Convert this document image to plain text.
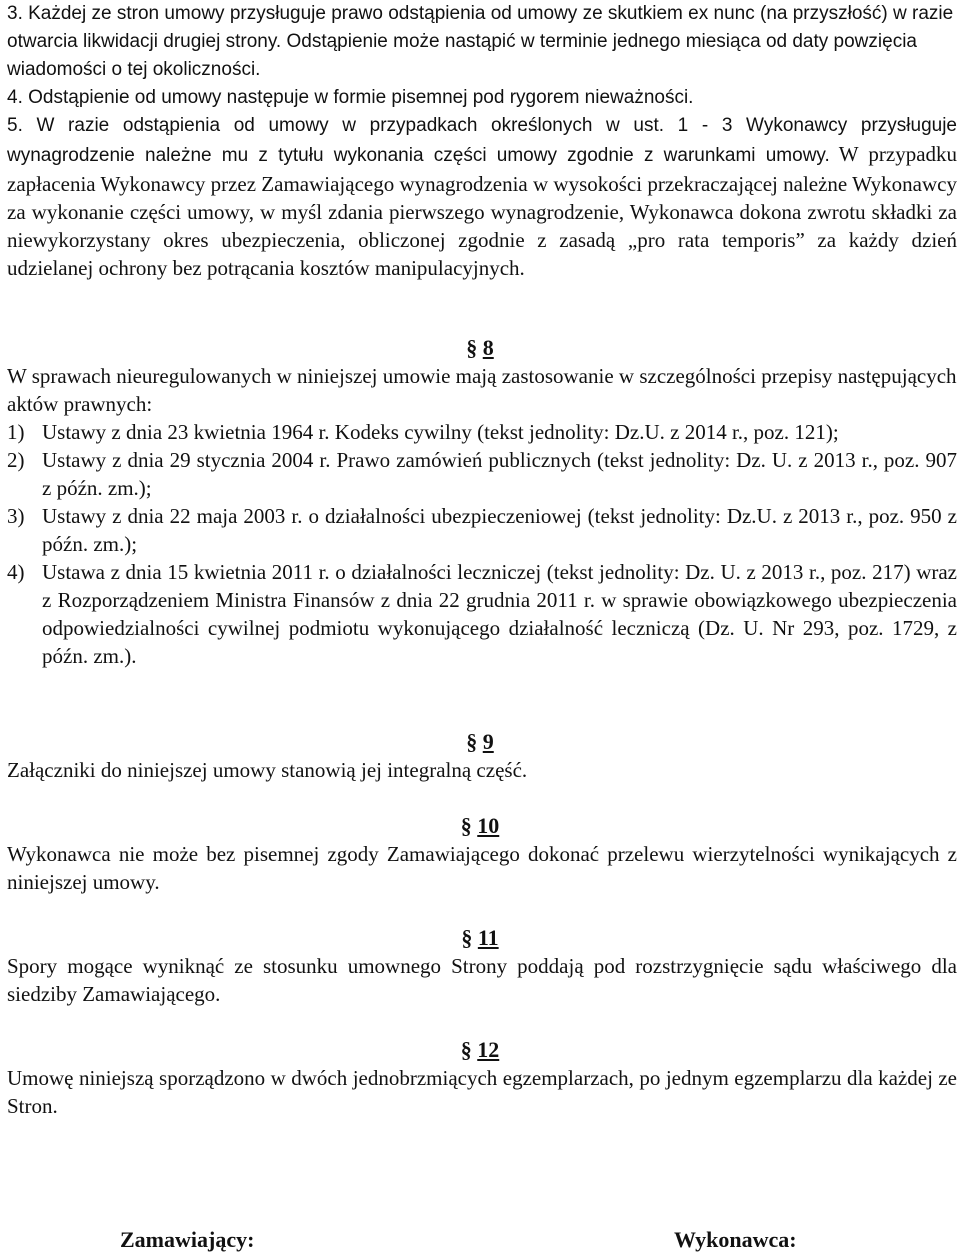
3. Każdej ze stron umowy przysługuje prawo odstąpienia od umowy ze skutkiem ex nunc (na przyszłość) w razie otwarcia likwidacji drugiej strony. Odstąpienie może nastąpić w terminie jednego miesiąca od daty powzięcia wiadomości o tej okoliczności.

4. Odstąpienie od umowy następuje w formie pisemnej pod rygorem nieważności.

5. W razie odstąpienia od umowy w przypadkach określonych w ust. 1 - 3 Wykonawcy przysługuje wynagrodzenie należne mu z tytułu wykonania części umowy zgodnie z warunkami umowy. W przypadku zapłacenia Wykonawcy przez Zamawiającego wynagrodzenia w wysokości przekraczającej należne Wykonawcy za wykonanie części umowy, w myśl zdania pierwszego wynagrodzenie, Wykonawca dokona zwrotu składki za niewykorzystany okres ubezpieczenia, obliczonej zgodnie z zasadą „pro rata temporis” za każdy dzień udzielanej ochrony bez potrącania kosztów manipulacyjnych.

§ 8

W sprawach nieuregulowanych w niniejszej umowie mają zastosowanie w szczególności przepisy następujących aktów prawnych:

1) Ustawy z dnia 23 kwietnia 1964 r. Kodeks cywilny (tekst jednolity: Dz.U. z 2014 r., poz. 121);
2) Ustawy z dnia 29 stycznia 2004 r. Prawo zamówień publicznych (tekst jednolity: Dz. U. z 2013 r., poz. 907 z późn. zm.);
3) Ustawy z dnia 22 maja 2003 r. o działalności ubezpieczeniowej (tekst jednolity: Dz.U. z 2013 r., poz. 950 z późn. zm.);
4) Ustawa z dnia 15 kwietnia 2011 r. o działalności leczniczej (tekst jednolity: Dz. U. z 2013 r., poz. 217) wraz z Rozporządzeniem Ministra Finansów z dnia 22 grudnia 2011 r. w sprawie obowiązkowego ubezpieczenia odpowiedzialności cywilnej podmiotu wykonującego działalność leczniczą (Dz. U. Nr 293, poz. 1729, z późn. zm.).
§ 9

Załączniki do niniejszej umowy stanowią jej integralną część.

§ 10

Wykonawca nie może bez pisemnej zgody Zamawiającego dokonać przelewu wierzytelności wynikających z niniejszej umowy.

§ 11

Spory mogące wyniknąć ze stosunku umownego Strony poddają pod rozstrzygnięcie sądu właściwego dla siedziby Zamawiającego.

§ 12

Umowę niniejszą sporządzono w dwóch jednobrzmiących egzemplarzach, po jednym egzemplarzu dla każdej ze Stron.

Zamawiający:	Wykonawca:
